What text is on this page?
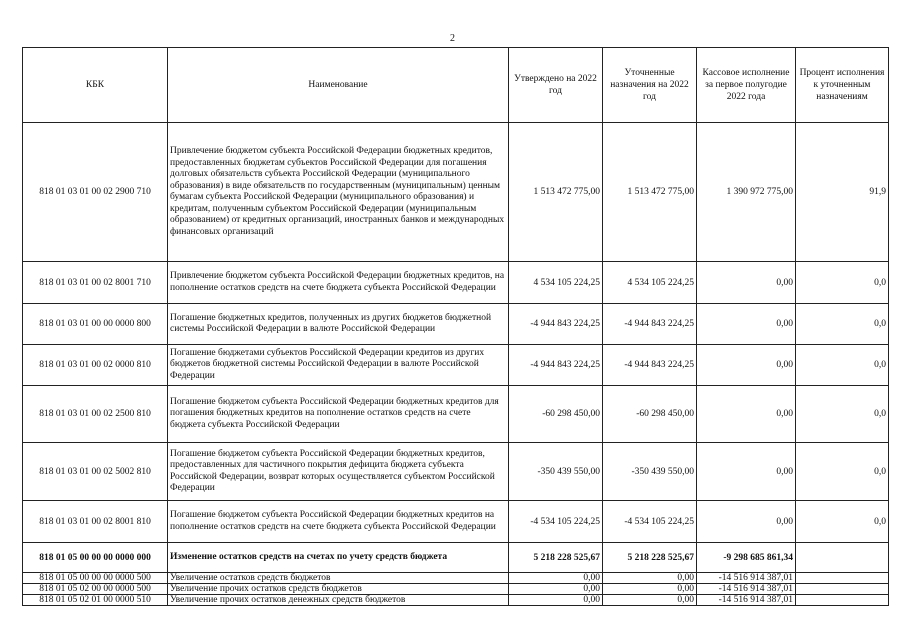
2
КБК	Наименование	Утверждено на 2022 год	Уточненные назначения на 2022 год	Кассовое исполнение за первое полугодие 2022 года	Процент исполнения к уточненным назначениям
818 01 03 01 00 02 2900 710	Привлечение бюджетом субъекта Российской Федерации бюджетных кредитов, предоставленных бюджетам субъектов Российской Федерации для погашения долговых обязательств субъекта Российской Федерации (муниципального образования) в виде обязательств по государственным (муниципальным) ценным бумагам субъекта Российской Федерации (муниципального образования) и кредитам, полученным субъектом Российской Федерации (муниципальным образованием) от кредитных организаций, иностранных банков и международных финансовых организаций	1 513 472 775,00	1 513 472 775,00	1 390 972 775,00	91,9
818 01 03 01 00 02 8001 710	Привлечение бюджетом субъекта Российской Федерации бюджетных кредитов, на пополнение остатков средств на счете бюджета субъекта Российской Федерации	4 534 105 224,25	4 534 105 224,25	0,00	0,0
818 01 03 01 00 00 0000 800	Погашение бюджетных кредитов, полученных из других бюджетов бюджетной системы Российской Федерации в валюте Российской Федерации	-4 944 843 224,25	-4 944 843 224,25	0,00	0,0
818 01 03 01 00 02 0000 810	Погашение бюджетами субъектов Российской Федерации кредитов из других бюджетов бюджетной системы Российской Федерации в валюте Российской Федерации	-4 944 843 224,25	-4 944 843 224,25	0,00	0,0
818 01 03 01 00 02 2500 810	Погашение бюджетом субъекта Российской Федерации бюджетных кредитов для погашения бюджетных кредитов на пополнение остатков средств на счете бюджета субъекта Российской Федерации	-60 298 450,00	-60 298 450,00	0,00	0,0
818 01 03 01 00 02 5002 810	Погашение бюджетом субъекта Российской Федерации бюджетных кредитов, предоставленных для частичного покрытия дефицита бюджета субъекта Российской Федерации, возврат которых осуществляется субъектом Российской Федерации	-350 439 550,00	-350 439 550,00	0,00	0,0
818 01 03 01 00 02 8001 810	Погашение бюджетом субъекта Российской Федерации бюджетных кредитов на пополнение остатков средств на счете бюджета субъекта Российской Федерации	-4 534 105 224,25	-4 534 105 224,25	0,00	0,0
818 01 05 00 00 00 0000 000	Изменение остатков средств на счетах по учету средств бюджета	5 218 228 525,67	5 218 228 525,67	-9 298 685 861,34	
818 01 05 00 00 00 0000 500	Увеличение остатков средств бюджетов	0,00	0,00	-14 516 914 387,01	
818 01 05 02 00 00 0000 500	Увеличение прочих остатков средств бюджетов	0,00	0,00	-14 516 914 387,01	
818 01 05 02 01 00 0000 510	Увеличение прочих остатков денежных средств бюджетов	0,00	0,00	-14 516 914 387,01	
